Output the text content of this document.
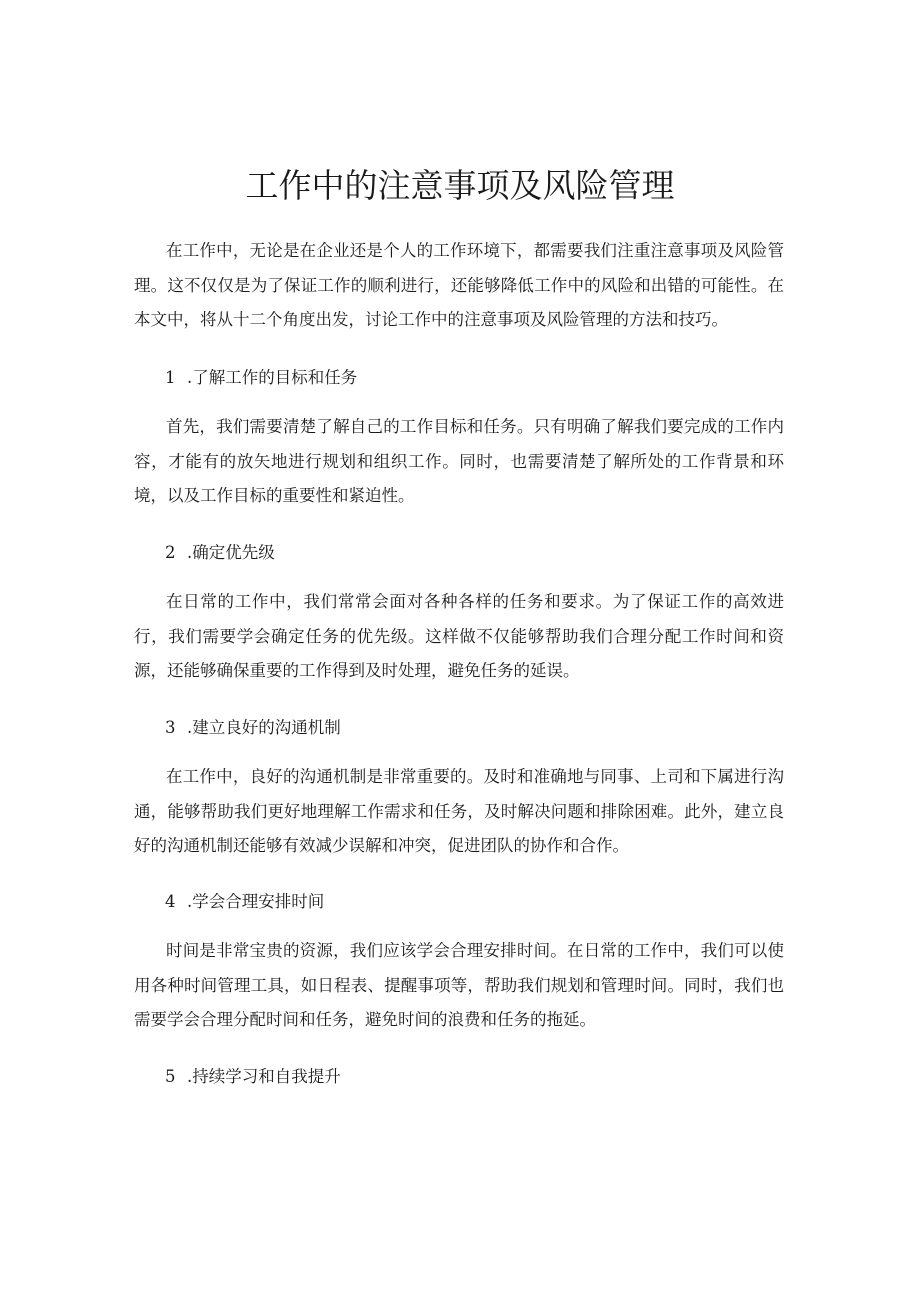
工作中的注意事项及风险管理

在工作中，无论是在企业还是个人的工作环境下，都需要我们注重注意事项及风险管理。这不仅仅是为了保证工作的顺利进行，还能够降低工作中的风险和出错的可能性。在本文中，将从十二个角度出发，讨论工作中的注意事项及风险管理的方法和技巧。

1 .了解工作的目标和任务

首先，我们需要清楚了解自己的工作目标和任务。只有明确了解我们要完成的工作内容，才能有的放矢地进行规划和组织工作。同时，也需要清楚了解所处的工作背景和环境，以及工作目标的重要性和紧迫性。

2 .确定优先级

在日常的工作中，我们常常会面对各种各样的任务和要求。为了保证工作的高效进行，我们需要学会确定任务的优先级。这样做不仅能够帮助我们合理分配工作时间和资源，还能够确保重要的工作得到及时处理，避免任务的延误。

3 .建立良好的沟通机制

在工作中，良好的沟通机制是非常重要的。及时和准确地与同事、上司和下属进行沟通，能够帮助我们更好地理解工作需求和任务，及时解决问题和排除困难。此外，建立良好的沟通机制还能够有效减少误解和冲突，促进团队的协作和合作。

4 .学会合理安排时间

时间是非常宝贵的资源，我们应该学会合理安排时间。在日常的工作中，我们可以使用各种时间管理工具，如日程表、提醒事项等，帮助我们规划和管理时间。同时，我们也需要学会合理分配时间和任务，避免时间的浪费和任务的拖延。

5 .持续学习和自我提升
